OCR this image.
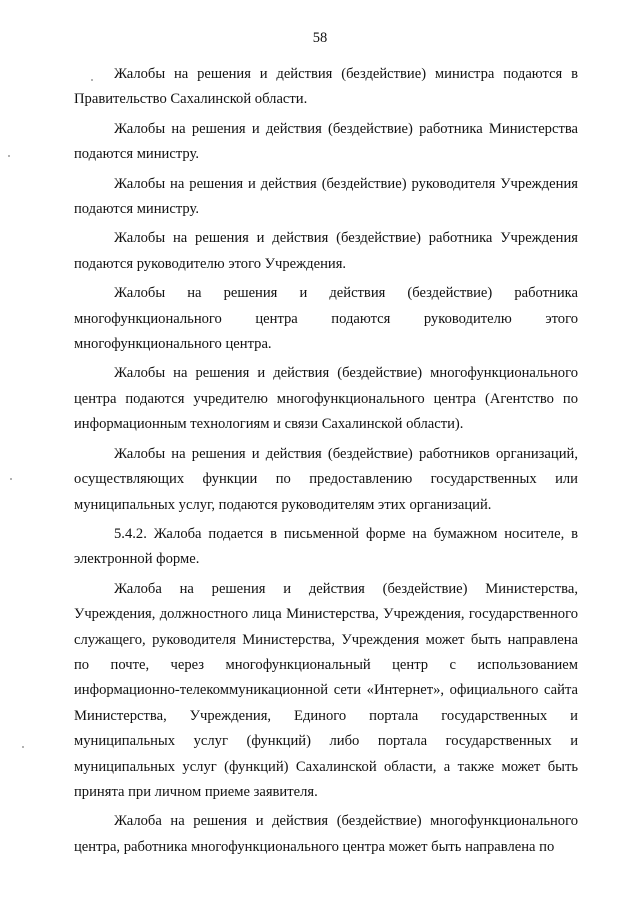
58

Жалобы на решения и действия (бездействие) министра подаются в Правительство Сахалинской области.

Жалобы на решения и действия (бездействие) работника Министерства подаются министру.

Жалобы на решения и действия (бездействие) руководителя Учреждения подаются министру.

Жалобы на решения и действия (бездействие) работника Учреждения подаются руководителю этого Учреждения.

Жалобы на решения и действия (бездействие) работника многофункционального центра подаются руководителю этого многофункционального центра.

Жалобы на решения и действия (бездействие) многофункционального центра подаются учредителю многофункционального центра (Агентство по информационным технологиям и связи Сахалинской области).

Жалобы на решения и действия (бездействие) работников организаций, осуществляющих функции по предоставлению государственных или муниципальных услуг, подаются руководителям этих организаций.

5.4.2. Жалоба подается в письменной форме на бумажном носителе, в электронной форме.

Жалоба на решения и действия (бездействие) Министерства, Учреждения, должностного лица Министерства, Учреждения, государственного служащего, руководителя Министерства, Учреждения может быть направлена по почте, через многофункциональный центр с использованием информационно-телекоммуникационной сети «Интернет», официального сайта Министерства, Учреждения, Единого портала государственных и муниципальных услуг (функций) либо портала государственных и муниципальных услуг (функций) Сахалинской области, а также может быть принята при личном приеме заявителя.

Жалоба на решения и действия (бездействие) многофункционального центра, работника многофункционального центра может быть направлена по
